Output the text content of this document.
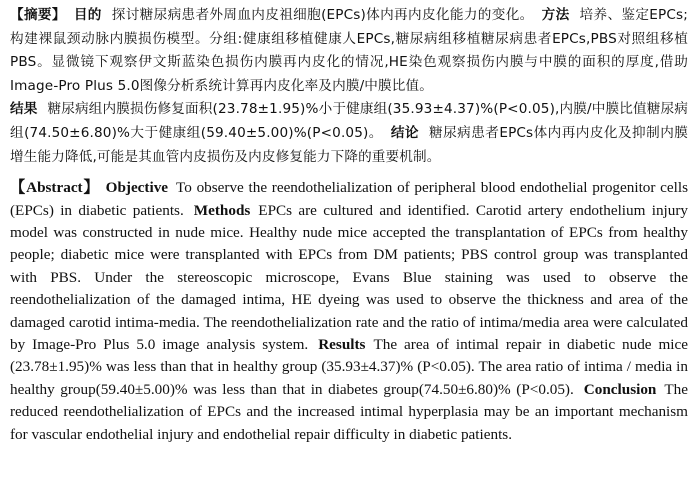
【摘要】 目的 探讨糖尿病患者外周血内皮祖细胞(EPCs)体内再内皮化能力的变化。 方法 培养、鉴定EPCs;构建裸鼠颈动脉内膜损伤模型。分组:健康组移植健康人EPCs,糖尿病组移植糖尿病患者EPCs,PBS对照组移植PBS。显微镜下观察伊文斯蓝染色损伤内膜再内皮化的情况,HE染色观察损伤内膜与中膜的面积的厚度,借助Image-Pro Plus 5.0图像分析系统计算再内皮化率及内膜/中膜比值。
结果 糖尿病组内膜损伤修复面积(23.78±1.95)%小于健康组(35.93±4.37)%(P<0.05),内膜/中膜比值糖尿病组(74.50±6.80)%大于健康组(59.40±5.00)%(P<0.05)。 结论 糖尿病患者EPCs体内再内皮化及抑制内膜增生能力降低,可能是其血管内皮损伤及内皮修复能力下降的重要机制。

【Abstract】 Objective To observe the reendothelialization of peripheral blood endothelial progenitor cells (EPCs) in diabetic patients. Methods EPCs are cultured and identified. Carotid artery endothelium injury model was constructed in nude mice. Healthy nude mice accepted the transplantation of EPCs from healthy people; diabetic mice were transplanted with EPCs from DM patients; PBS control group was transplanted with PBS. Under the stereoscopic microscope, Evans Blue staining was used to observe the reendothelialization of the damaged intima, HE dyeing was used to observe the thickness and area of the damaged carotid intima-media. The reendothelialization rate and the ratio of intima/media area were calculated by Image-Pro Plus 5.0 image analysis system. Results The area of intimal repair in diabetic nude mice (23.78±1.95)% was less than that in healthy group (35.93±4.37)% (P<0.05). The area ratio of intima / media in healthy group(59.40±5.00)% was less than that in diabetes group(74.50±6.80)% (P<0.05). Conclusion The reduced reendothelialization of EPCs and the increased intimal hyperplasia may be an important mechanism for vascular endothelial injury and endothelial repair difficulty in diabetic patients.
